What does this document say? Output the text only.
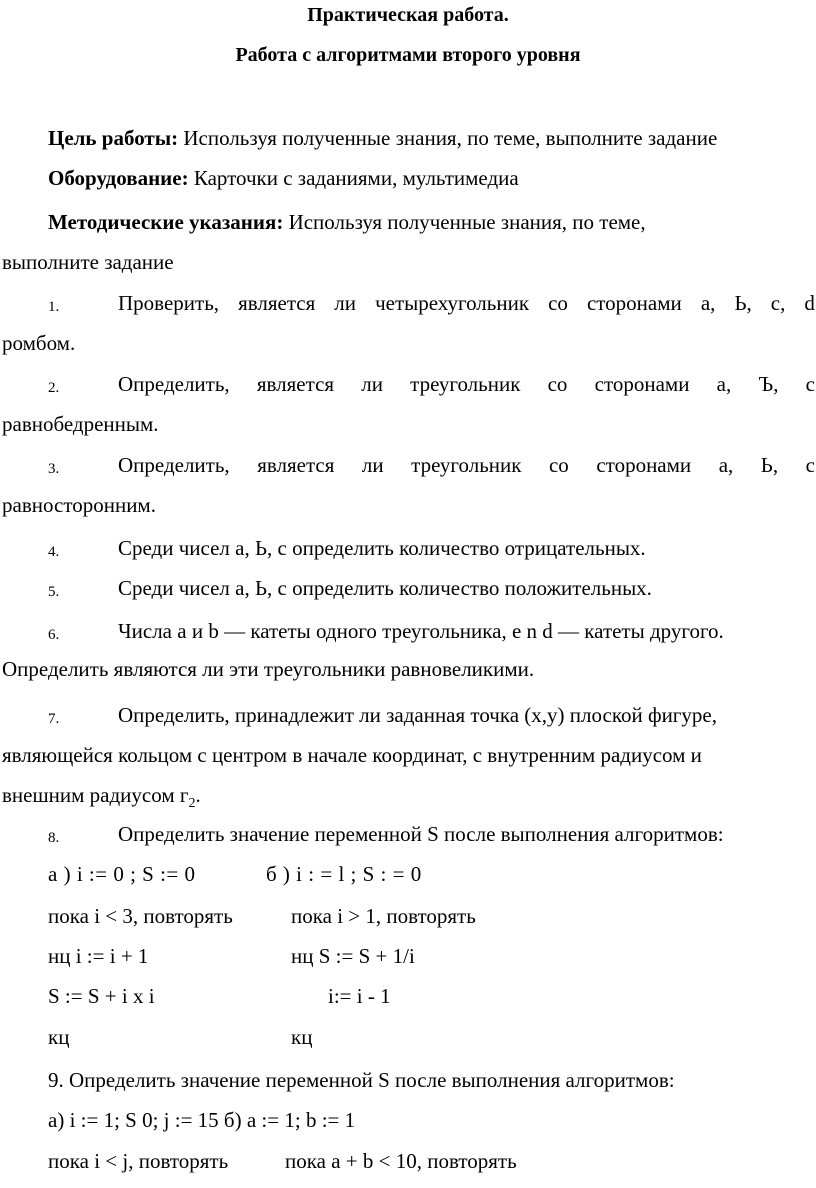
Практическая работа.
Работа с алгоритмами второго уровня
Цель работы: Используя полученные знания, по теме, выполните задание
Оборудование: Карточки с заданиями, мультимедиа
Методические указания: Используя полученные знания, по теме,
выполните задание
1.	Проверить, является ли четырехугольник со сторонами а, Ь, с, d
ромбом.
2.	Определить, является ли треугольник со сторонами а, Ъ, с
равнобедренным.
3.	Определить, является ли треугольник со сторонами а, Ь, с
равносторонним.
4.	Среди чисел а, Ь, с определить количество отрицательных.
5.	Среди чисел а, Ь, с определить количество положительных.
6.	Числа a и b — катеты одного треугольника, e n d — катеты другого.
Определить являются ли эти треугольники равновеликими.
7.	Определить, принадлежит ли заданная точка (х,у) плоской фигуре,
являющейся кольцом с центром в начале координат, с внутренним радиусом и
внешним радиусом $г_2$.
8.	Определить значение переменной S после выполнения алгоритмов:
а ) i := 0 ; S := 0	б ) i : = l ; S : = 0
пока i < 3, повторять	пока i > 1, повторять
нц i := i + 1	нц S := S + 1/i
S := S + i х i	i:= i - 1
кц	кц
9. Определить значение переменной S после выполнения алгоритмов:
а) i := 1; S 0; j := 15 б) а := 1; b := 1
пока i < j, повторять	пока a + b < 10, повторять
